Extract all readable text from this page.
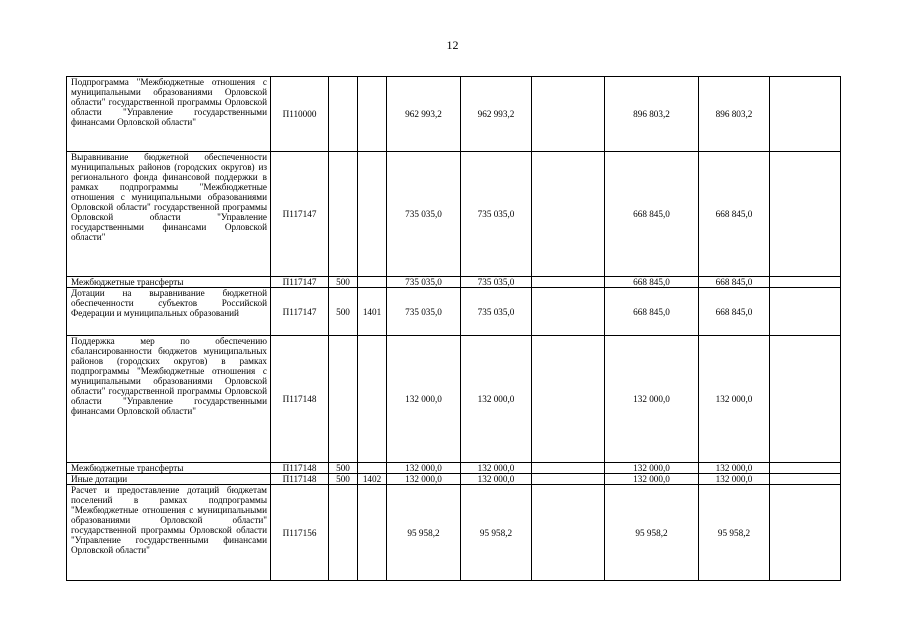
12
Подпрограмма "Межбюджетные отношения с муниципальными образованиями Орловской области" государственной программы Орловской области "Управление государственными финансами Орловской области"	П110000			962 993,2	962 993,2		896 803,2	896 803,2	
Выравнивание бюджетной обеспеченности муниципальных районов (городских округов) из регионального фонда финансовой поддержки в рамках подпрограммы "Межбюджетные отношения с муниципальными образованиями Орловской области" государственной программы Орловской области "Управление государственными финансами Орловской области"	П117147			735 035,0	735 035,0		668 845,0	668 845,0	
Межбюджетные трансферты	П117147	500		735 035,0	735 035,0		668 845,0	668 845,0	
Дотации на выравнивание бюджетной обеспеченности субъектов Российской Федерации и муниципальных образований	П117147	500	1401	735 035,0	735 035,0		668 845,0	668 845,0	
Поддержка мер по обеспечению сбалансированности бюджетов муниципальных районов (городских округов) в рамках подпрограммы "Межбюджетные отношения с муниципальными образованиями Орловской области" государственной программы Орловской области "Управление государственными финансами Орловской области"	П117148			132 000,0	132 000,0		132 000,0	132 000,0	
Межбюджетные трансферты	П117148	500		132 000,0	132 000,0		132 000,0	132 000,0	
Иные дотации	П117148	500	1402	132 000,0	132 000,0		132 000,0	132 000,0	
Расчет и предоставление дотаций бюджетам поселений в рамках подпрограммы "Межбюджетные отношения с муниципальными образованиями Орловской области" государственной программы Орловской области "Управление государственными финансами Орловской области"	П117156			95 958,2	95 958,2		95 958,2	95 958,2	
